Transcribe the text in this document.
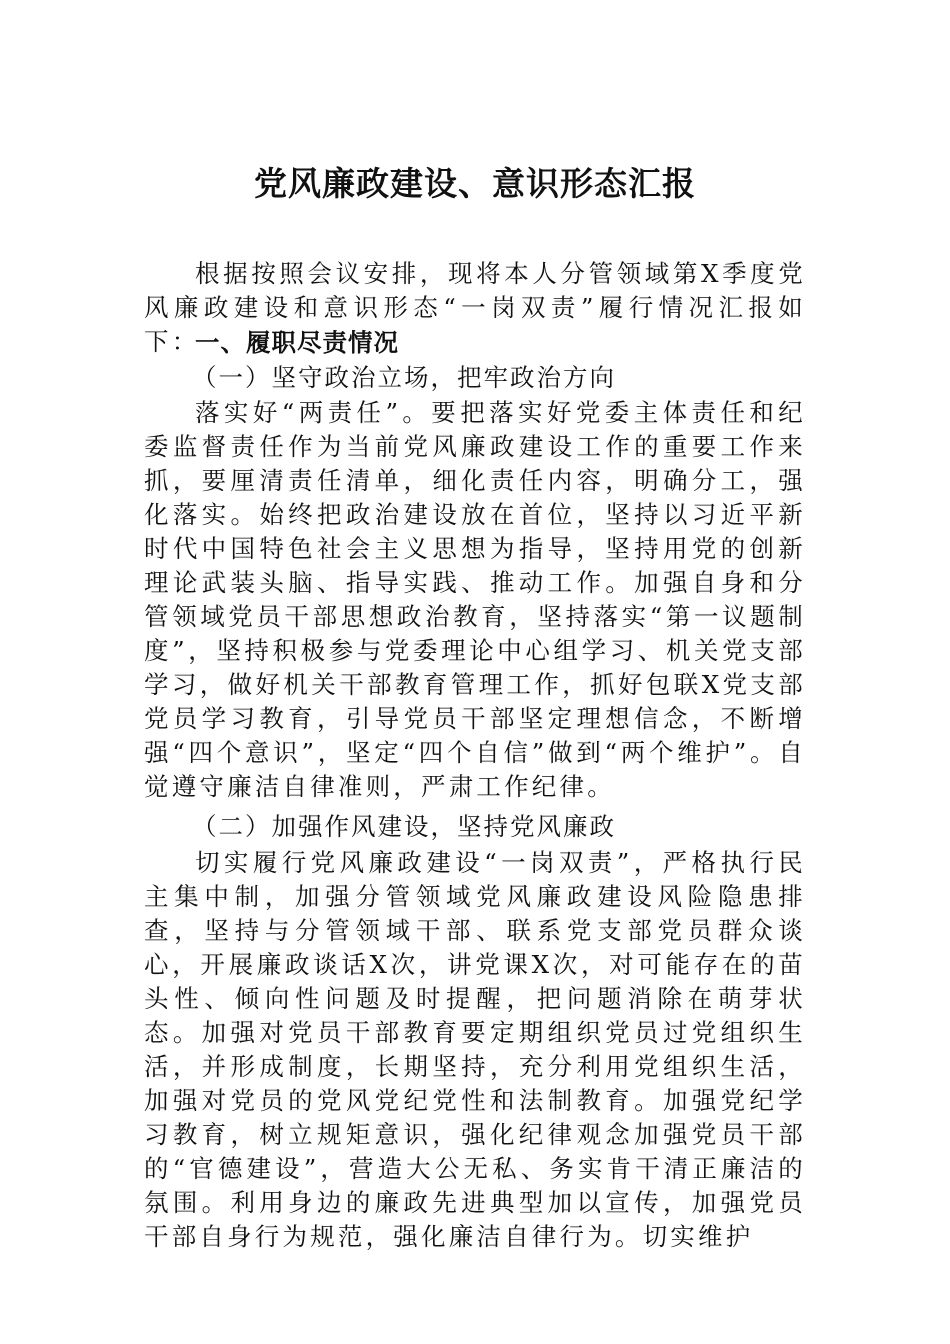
党风廉政建设、意识形态汇报

根据按照会议安排，现将本人分管领域第X季度党风廉政建设和意识形态“一岗双责”履行情况汇报如下：

一、履职尽责情况

（一）坚守政治立场，把牢政治方向

落实好“两责任”。要把落实好党委主体责任和纪委监督责任作为当前党风廉政建设工作的重要工作来抓，要厘清责任清单，细化责任内容，明确分工，强化落实。始终把政治建设放在首位，坚持以习近平新时代中国特色社会主义思想为指导，坚持用党的创新理论武装头脑、指导实践、推动工作。加强自身和分管领域党员干部思想政治教育，坚持落实“第一议题制度”，坚持积极参与党委理论中心组学习、机关党支部学习，做好机关干部教育管理工作，抓好包联X党支部党员学习教育，引导党员干部坚定理想信念，不断增强“四个意识”，坚定“四个自信”做到“两个维护”。自觉遵守廉洁自律准则，严肃工作纪律。

（二）加强作风建设，坚持党风廉政

切实履行党风廉政建设“一岗双责”，严格执行民主集中制，加强分管领域党风廉政建设风险隐患排查，坚持与分管领域干部、联系党支部党员群众谈心，开展廉政谈话X次，讲党课X次，对可能存在的苗头性、倾向性问题及时提醒，把问题消除在萌芽状态。加强对党员干部教育要定期组织党员过党组织生活，并形成制度，长期坚持，充分利用党组织生活，加强对党员的党风党纪党性和法制教育。加强党纪学习教育，树立规矩意识，强化纪律观念加强党员干部的“官德建设”，营造大公无私、务实肯干清正廉洁的氛围。利用身边的廉政先进典型加以宣传，加强党员干部自身行为规范，强化廉洁自律行为。切实维护
